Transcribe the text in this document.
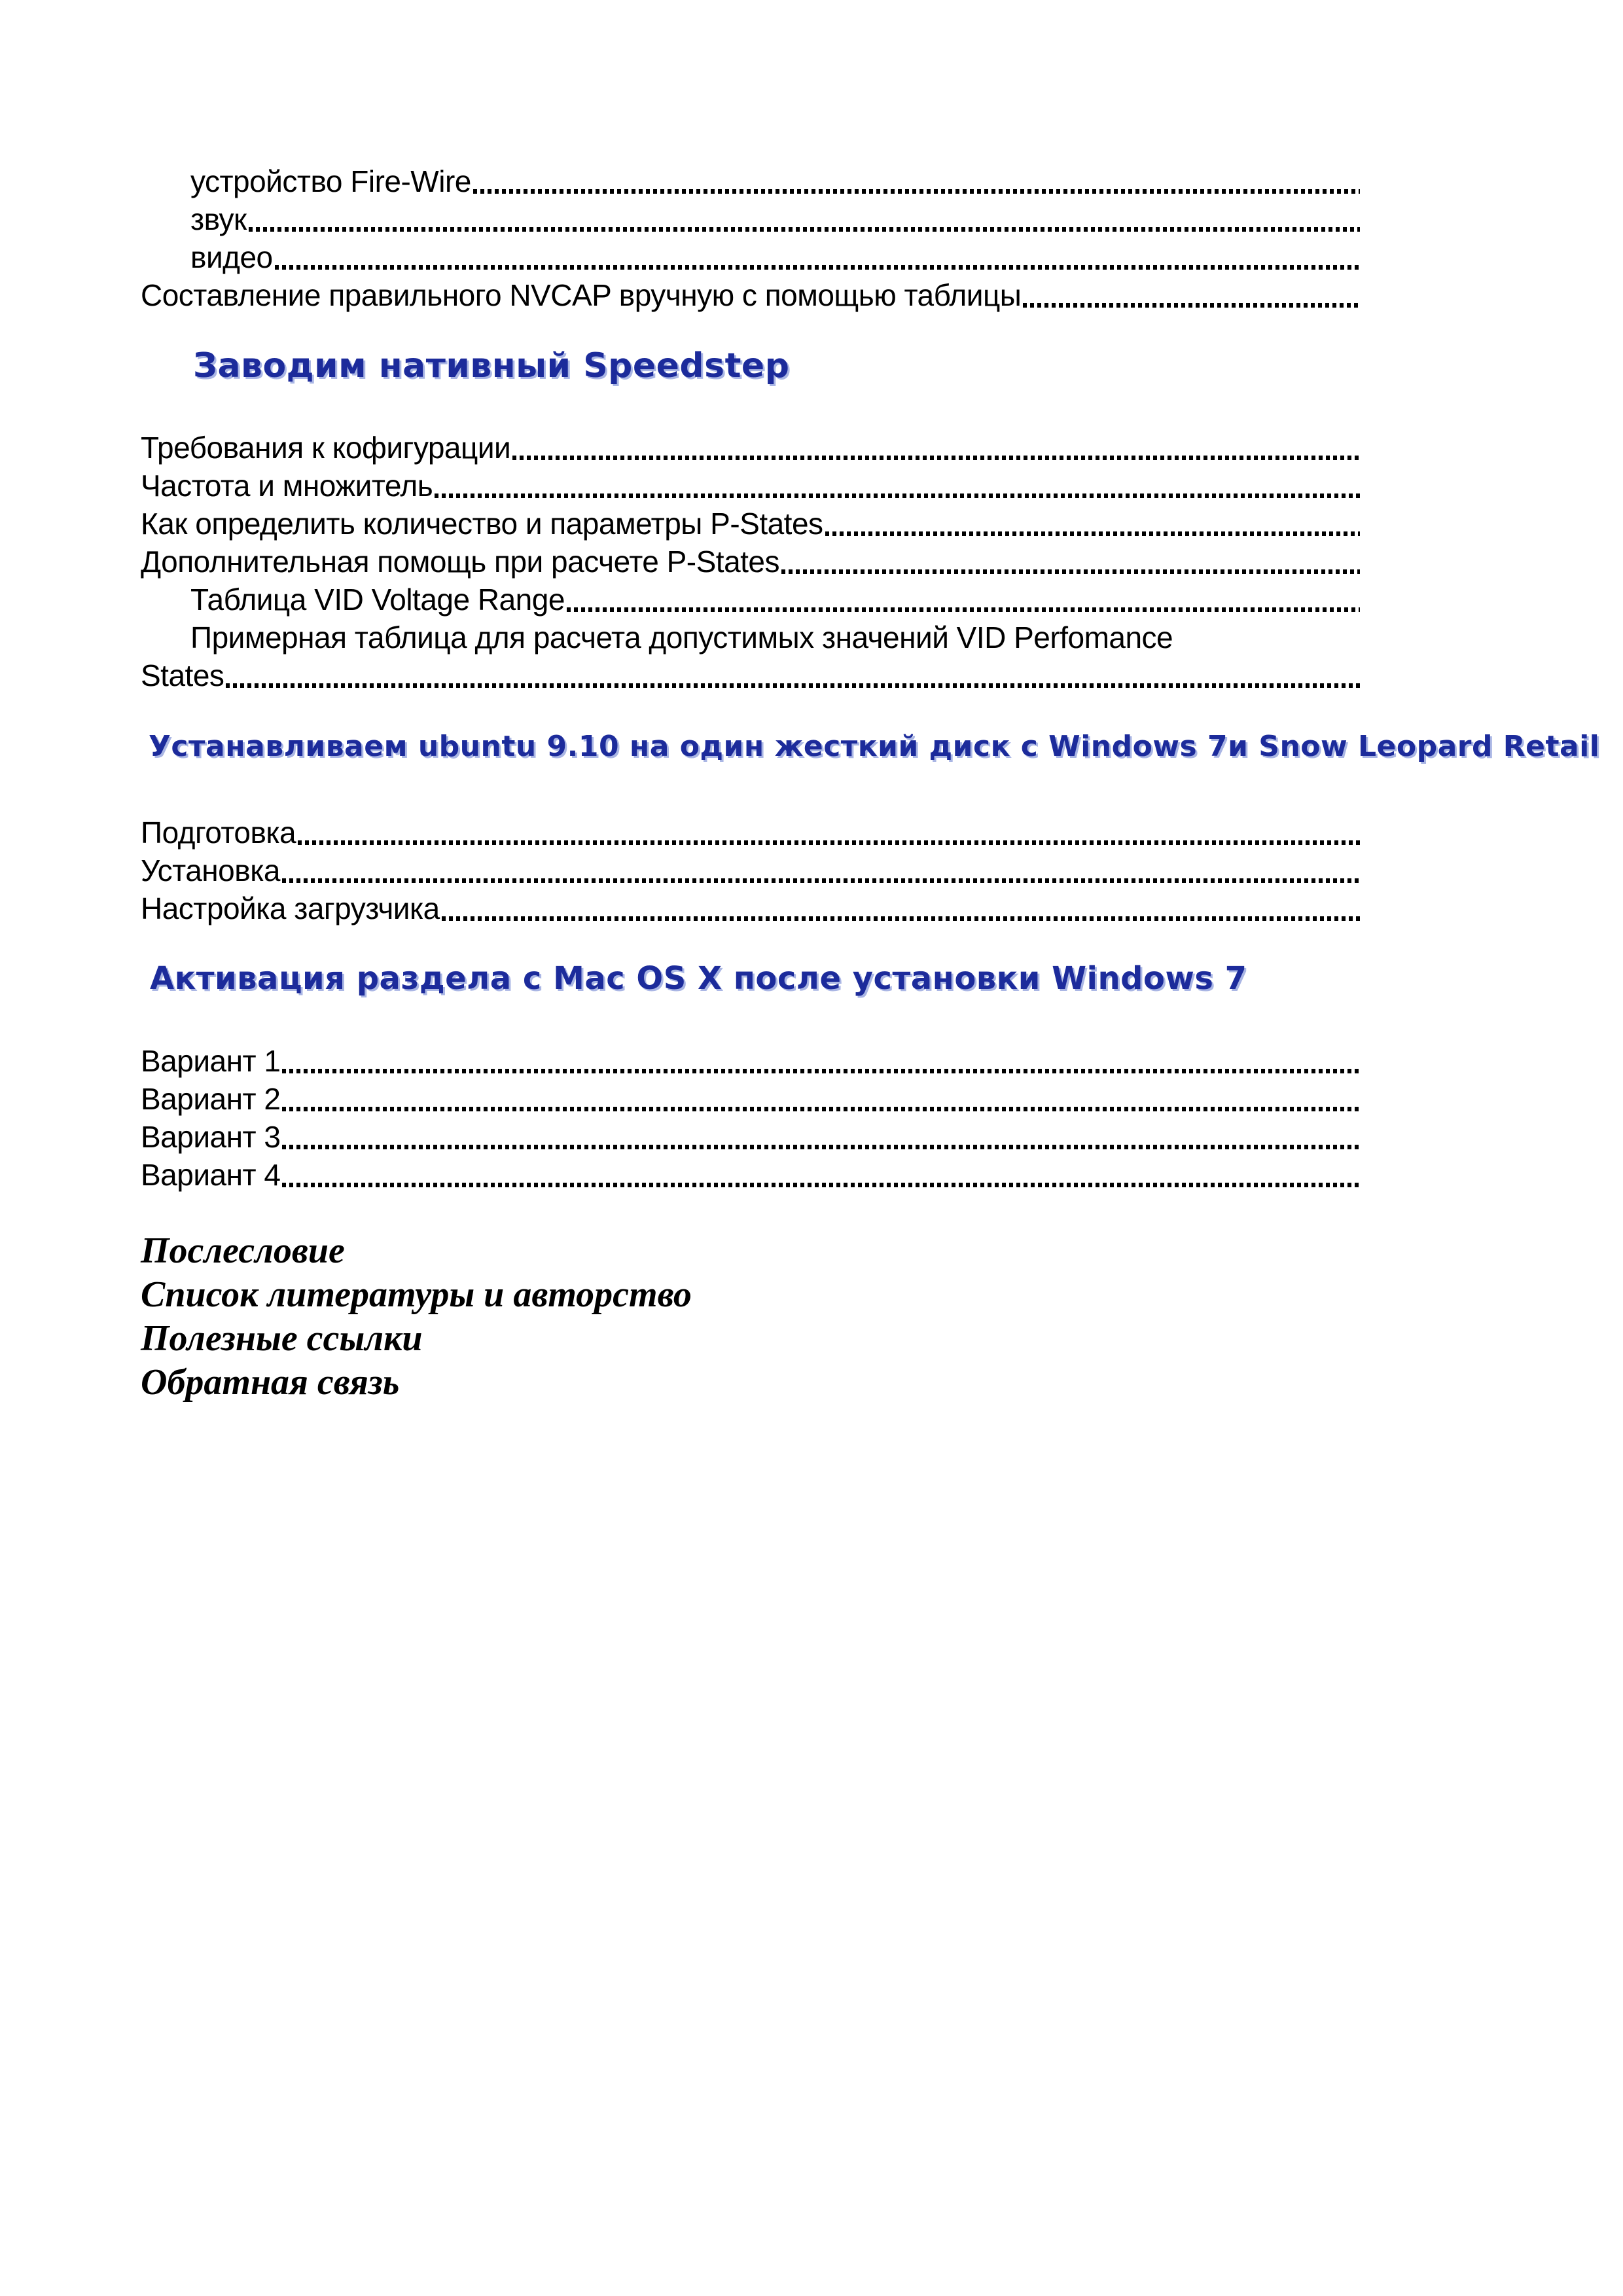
устройство Fire-Wire
звук
видео
Составление правильного NVCAP вручную с помощью таблицы
Заводим нативный Speedstep
Требования к кофигурации
Частота и множитель
Как определить количество и параметры P-States
Дополнительная помощь при расчете P-States
Таблица VID Voltage Range
Примерная таблица для расчета допустимых значений VID Perfomance
States
Устанавливаем ubuntu 9.10 на один жесткий диск с Windows 7и Snow Leopard Retail
Подготовка
Установка
Настройка загрузчика
Активация раздела с Mac OS X после установки Windows 7
Вариант 1
Вариант 2
Вариант 3
Вариант 4
Послесловие
Список литературы и авторство
Полезные ссылки
Обратная связь
